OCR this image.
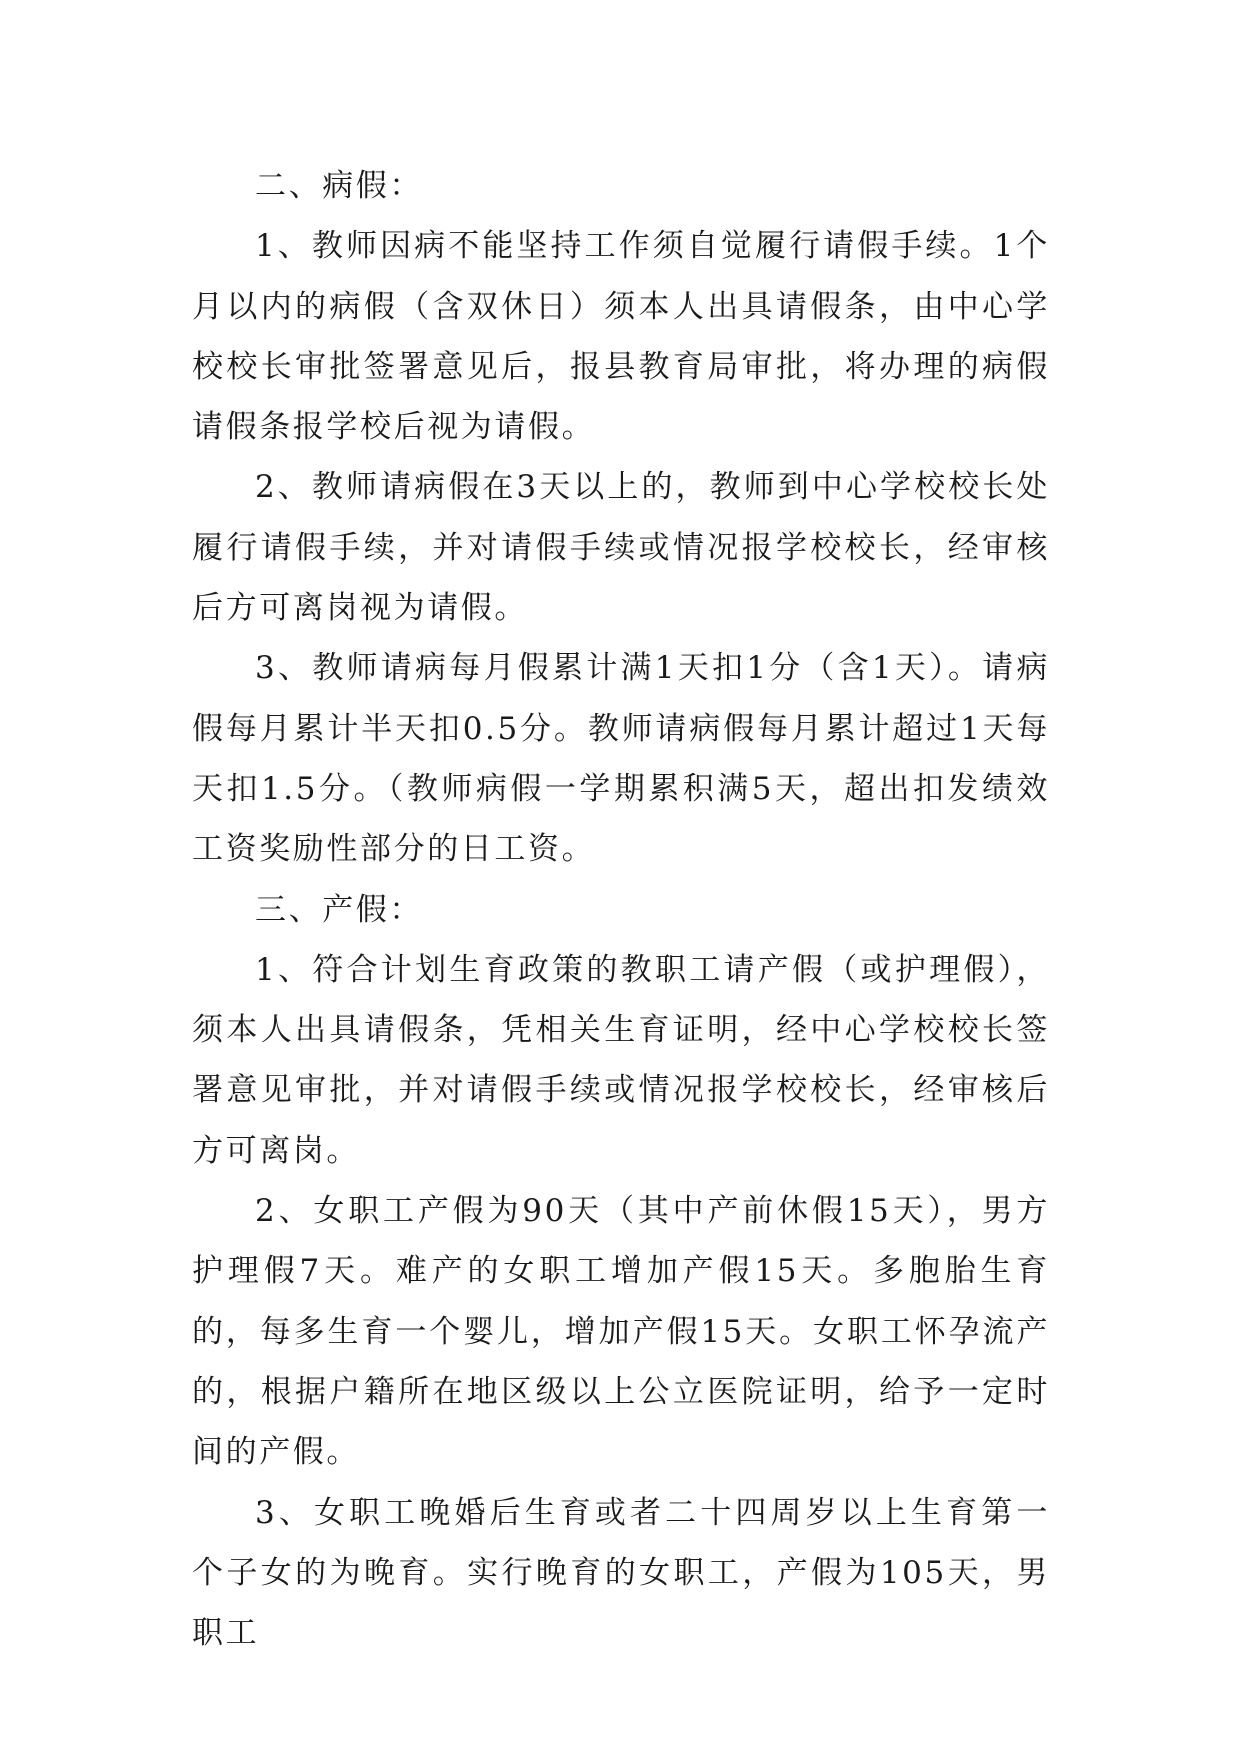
二、病假：

1、教师因病不能坚持工作须自觉履行请假手续。1个月以内的病假（含双休日）须本人出具请假条，由中心学校校长审批签署意见后，报县教育局审批，将办理的病假请假条报学校后视为请假。

2、教师请病假在3天以上的，教师到中心学校校长处履行请假手续，并对请假手续或情况报学校校长，经审核后方可离岗视为请假。

3、教师请病每月假累计满1天扣1分（含1天）。请病假每月累计半天扣0.5分。教师请病假每月累计超过1天每天扣1.5分。（教师病假一学期累积满5天，超出扣发绩效工资奖励性部分的日工资。

三、产假：

1、符合计划生育政策的教职工请产假（或护理假），须本人出具请假条，凭相关生育证明，经中心学校校长签署意见审批，并对请假手续或情况报学校校长，经审核后方可离岗。

2、女职工产假为90天（其中产前休假15天），男方护理假7天。难产的女职工增加产假15天。多胞胎生育的，每多生育一个婴儿，增加产假15天。女职工怀孕流产的，根据户籍所在地区级以上公立医院证明，给予一定时间的产假。

3、女职工晚婚后生育或者二十四周岁以上生育第一个子女的为晚育。实行晚育的女职工，产假为105天，男职工
